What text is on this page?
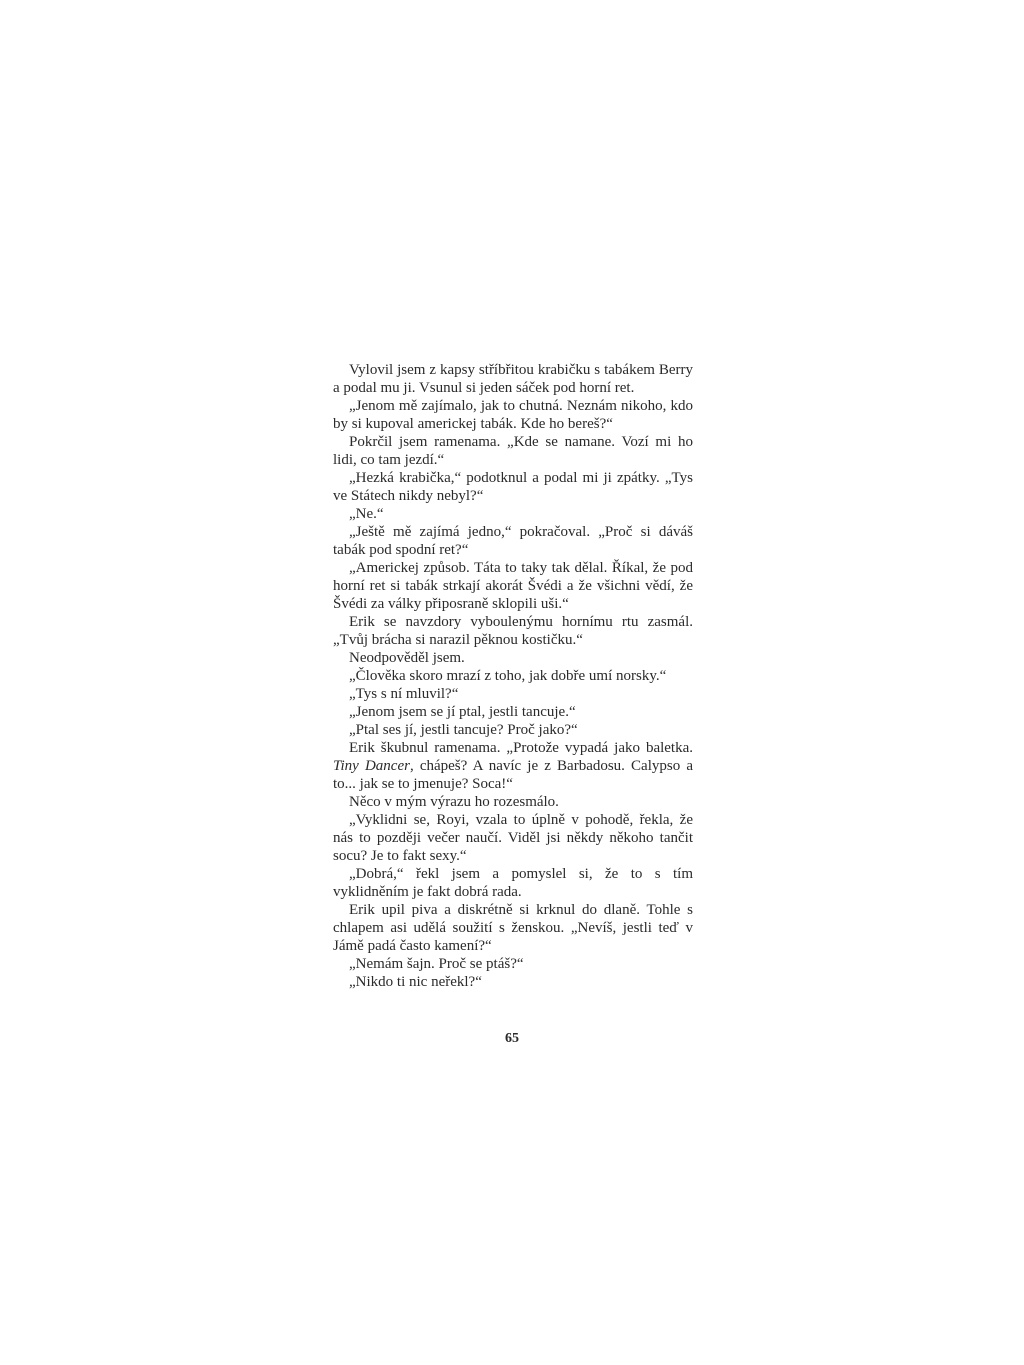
Vylovil jsem z kapsy stříbřitou krabičku s tabákem Berry a podal mu ji. Vsunul si jeden sáček pod horní ret.

„Jenom mě zajímalo, jak to chutná. Neznám nikoho, kdo by si kupoval americkej tabák. Kde ho bereš?“

Pokrčil jsem ramenama. „Kde se namane. Vozí mi ho lidi, co tam jezdí.“

„Hezká krabička,“ podotknul a podal mi ji zpátky. „Tys ve Státech nikdy nebyl?“

„Ne.“

„Ještě mě zajímá jedno,“ pokračoval. „Proč si dáváš tabák pod spodní ret?“

„Americkej způsob. Táta to taky tak dělal. Říkal, že pod horní ret si tabák strkají akorát Švédi a že všichni vědí, že Švédi za války připosraně sklopili uši.“

Erik se navzdory vyboulenýmu hornímu rtu zasmál. „Tvůj brácha si narazil pěknou kostičku.“

Neodpověděl jsem.

„Člověka skoro mrazí z toho, jak dobře umí norsky.“

„Tys s ní mluvil?“

„Jenom jsem se jí ptal, jestli tancuje.“

„Ptal ses jí, jestli tancuje? Proč jako?“

Erik škubnul ramenama. „Protože vypadá jako baletka. Tiny Dancer, chápeš? A navíc je z Barbadosu. Calypso a to... jak se to jmenuje? Soca!“

Něco v mým výrazu ho rozesmálo.

„Vyklidni se, Royi, vzala to úplně v pohodě, řekla, že nás to později večer naučí. Viděl jsi někdy někoho tančit socu? Je to fakt sexy.“

„Dobrá,“ řekl jsem a pomyslel si, že to s tím vyklidněním je fakt dobrá rada.

Erik upil piva a diskrétně si krknul do dlaně. Tohle s chlapem asi udělá soužití s ženskou. „Nevíš, jestli teď v Jámě padá často kamení?“

„Nemám šajn. Proč se ptáš?“

„Nikdo ti nic neřekl?“

65
